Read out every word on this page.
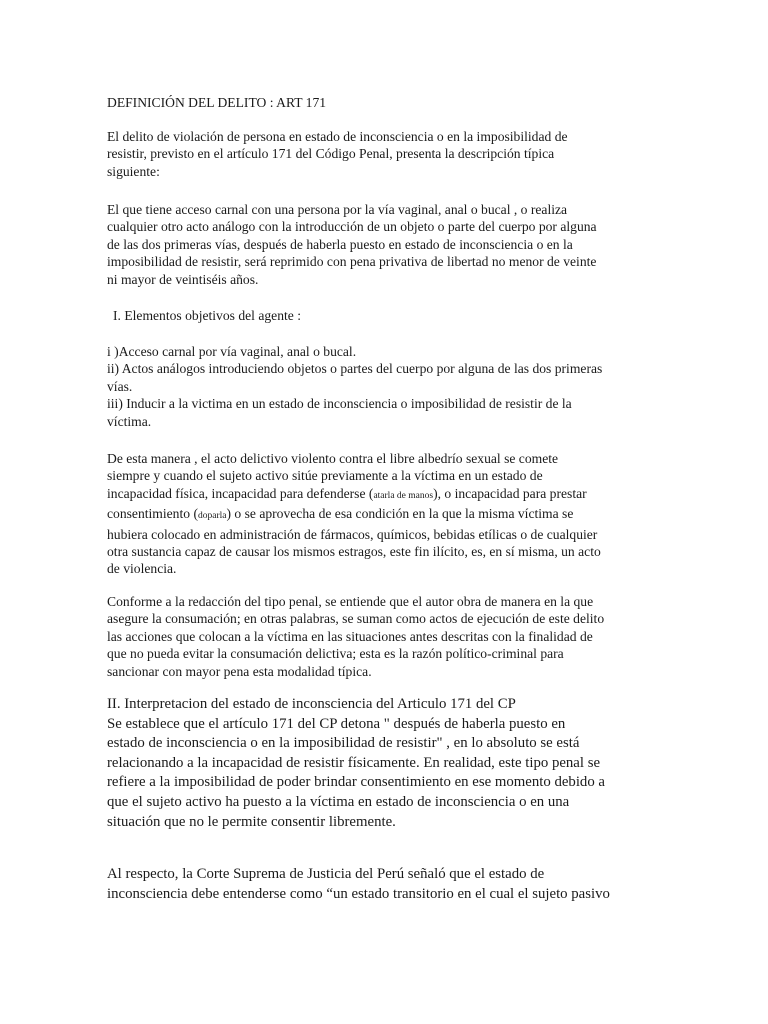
DEFINICIÓN DEL DELITO : ART 171

El delito de violación de persona en estado de inconsciencia o en la imposibilidad de
resistir, previsto en el artículo 171 del Código Penal, presenta la descripción típica
siguiente:

El que tiene acceso carnal con una persona por la vía vaginal, anal o bucal , o realiza
cualquier otro acto análogo con la introducción de un objeto o parte del cuerpo por alguna
de las dos primeras vías, después de haberla puesto en estado de inconsciencia o en la
imposibilidad de resistir, será reprimido con pena privativa de libertad no menor de veinte
ni mayor de veintiséis años.

I. Elementos objetivos del agente :

i )Acceso carnal por vía vaginal, anal o bucal.
ii) Actos análogos introduciendo objetos o partes del cuerpo por alguna de las dos primeras
vías.
iii) Inducir a la victima en un estado de inconsciencia o imposibilidad de resistir de la
víctima.

De esta manera , el acto delictivo violento contra el libre albedrío sexual se comete
siempre y cuando el sujeto activo sitúe previamente a la víctima en un estado de
incapacidad física, incapacidad para defenderse (atarla de manos), o incapacidad para prestar
consentimiento (doparla) o se aprovecha de esa condición en la que la misma víctima se
hubiera colocado en administración de fármacos, químicos, bebidas etílicas o de cualquier
otra sustancia capaz de causar los mismos estragos, este fin ilícito, es, en sí misma, un acto
de violencia.

Conforme a la redacción del tipo penal, se entiende que el autor obra de manera en la que
asegure la consumación; en otras palabras, se suman como actos de ejecución de este delito
las acciones que colocan a la víctima en las situaciones antes descritas con la finalidad de
que no pueda evitar la consumación delictiva; esta es la razón político-criminal para
sancionar con mayor pena esta modalidad típica.

II. Interpretacion del estado de inconsciencia del Articulo 171 del CP
Se establece que el artículo 171 del CP detona " después de haberla puesto en
estado de inconsciencia o en la imposibilidad de resistir" , en lo absoluto se está
relacionando a la incapacidad de resistir físicamente. En realidad, este tipo penal se
refiere a la imposibilidad de poder brindar consentimiento en ese momento debido a
que el sujeto activo ha puesto a la víctima en estado de inconsciencia o en una
situación que no le permite consentir libremente.

Al respecto, la Corte Suprema de Justicia del Perú señaló que el estado de
inconsciencia debe entenderse como “un estado transitorio en el cual el sujeto pasivo
